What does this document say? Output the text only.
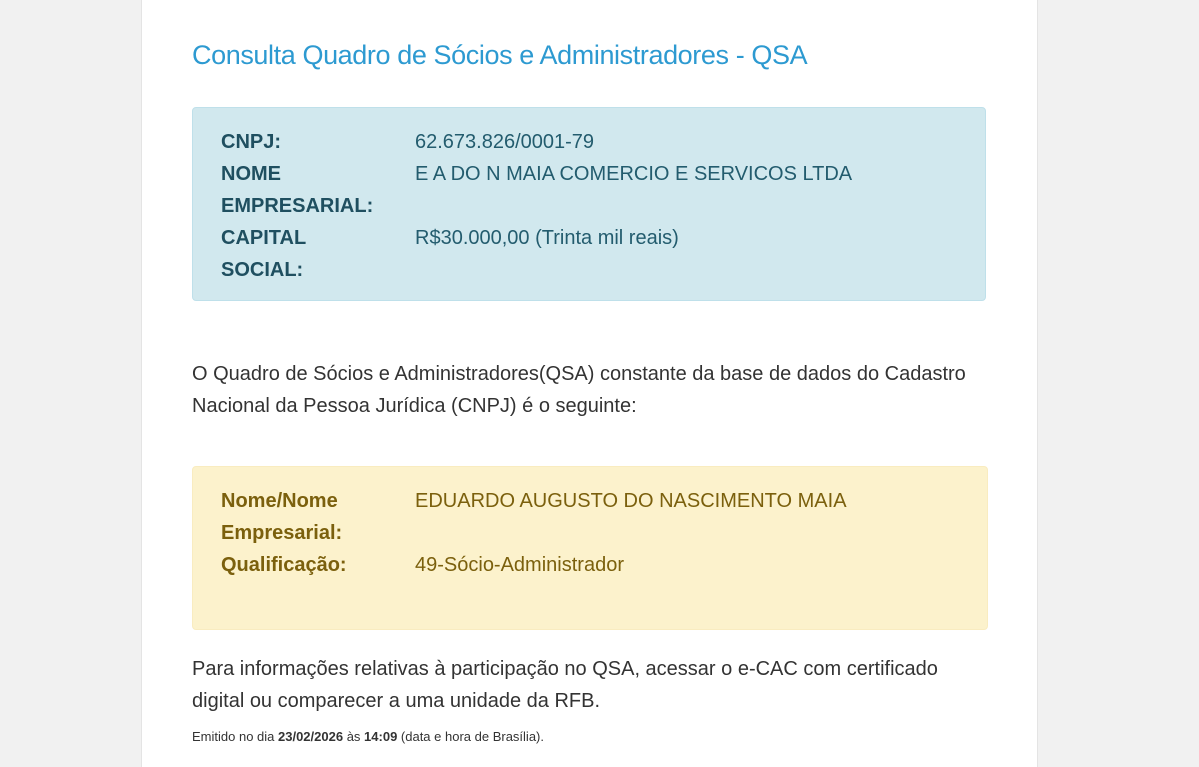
Consulta Quadro de Sócios e Administradores - QSA
CNPJ:	62.673.826/0001-79
NOME
EMPRESARIAL:
E A DO N MAIA COMERCIO E SERVICOS LTDA
CAPITAL
SOCIAL:
R$30.000,00 (Trinta mil reais)

O Quadro de Sócios e Administradores(QSA) constante da base de dados do Cadastro Nacional da Pessoa Jurídica (CNPJ) é o seguinte:

Nome/Nome
Empresarial:
EDUARDO AUGUSTO DO NASCIMENTO MAIA
Qualificação:	49-Sócio-Administrador

Para informações relativas à participação no QSA, acessar o e-CAC com certificado digital ou comparecer a uma unidade da RFB.

Emitido no dia 23/02/2026 às 14:09 (data e hora de Brasília).
